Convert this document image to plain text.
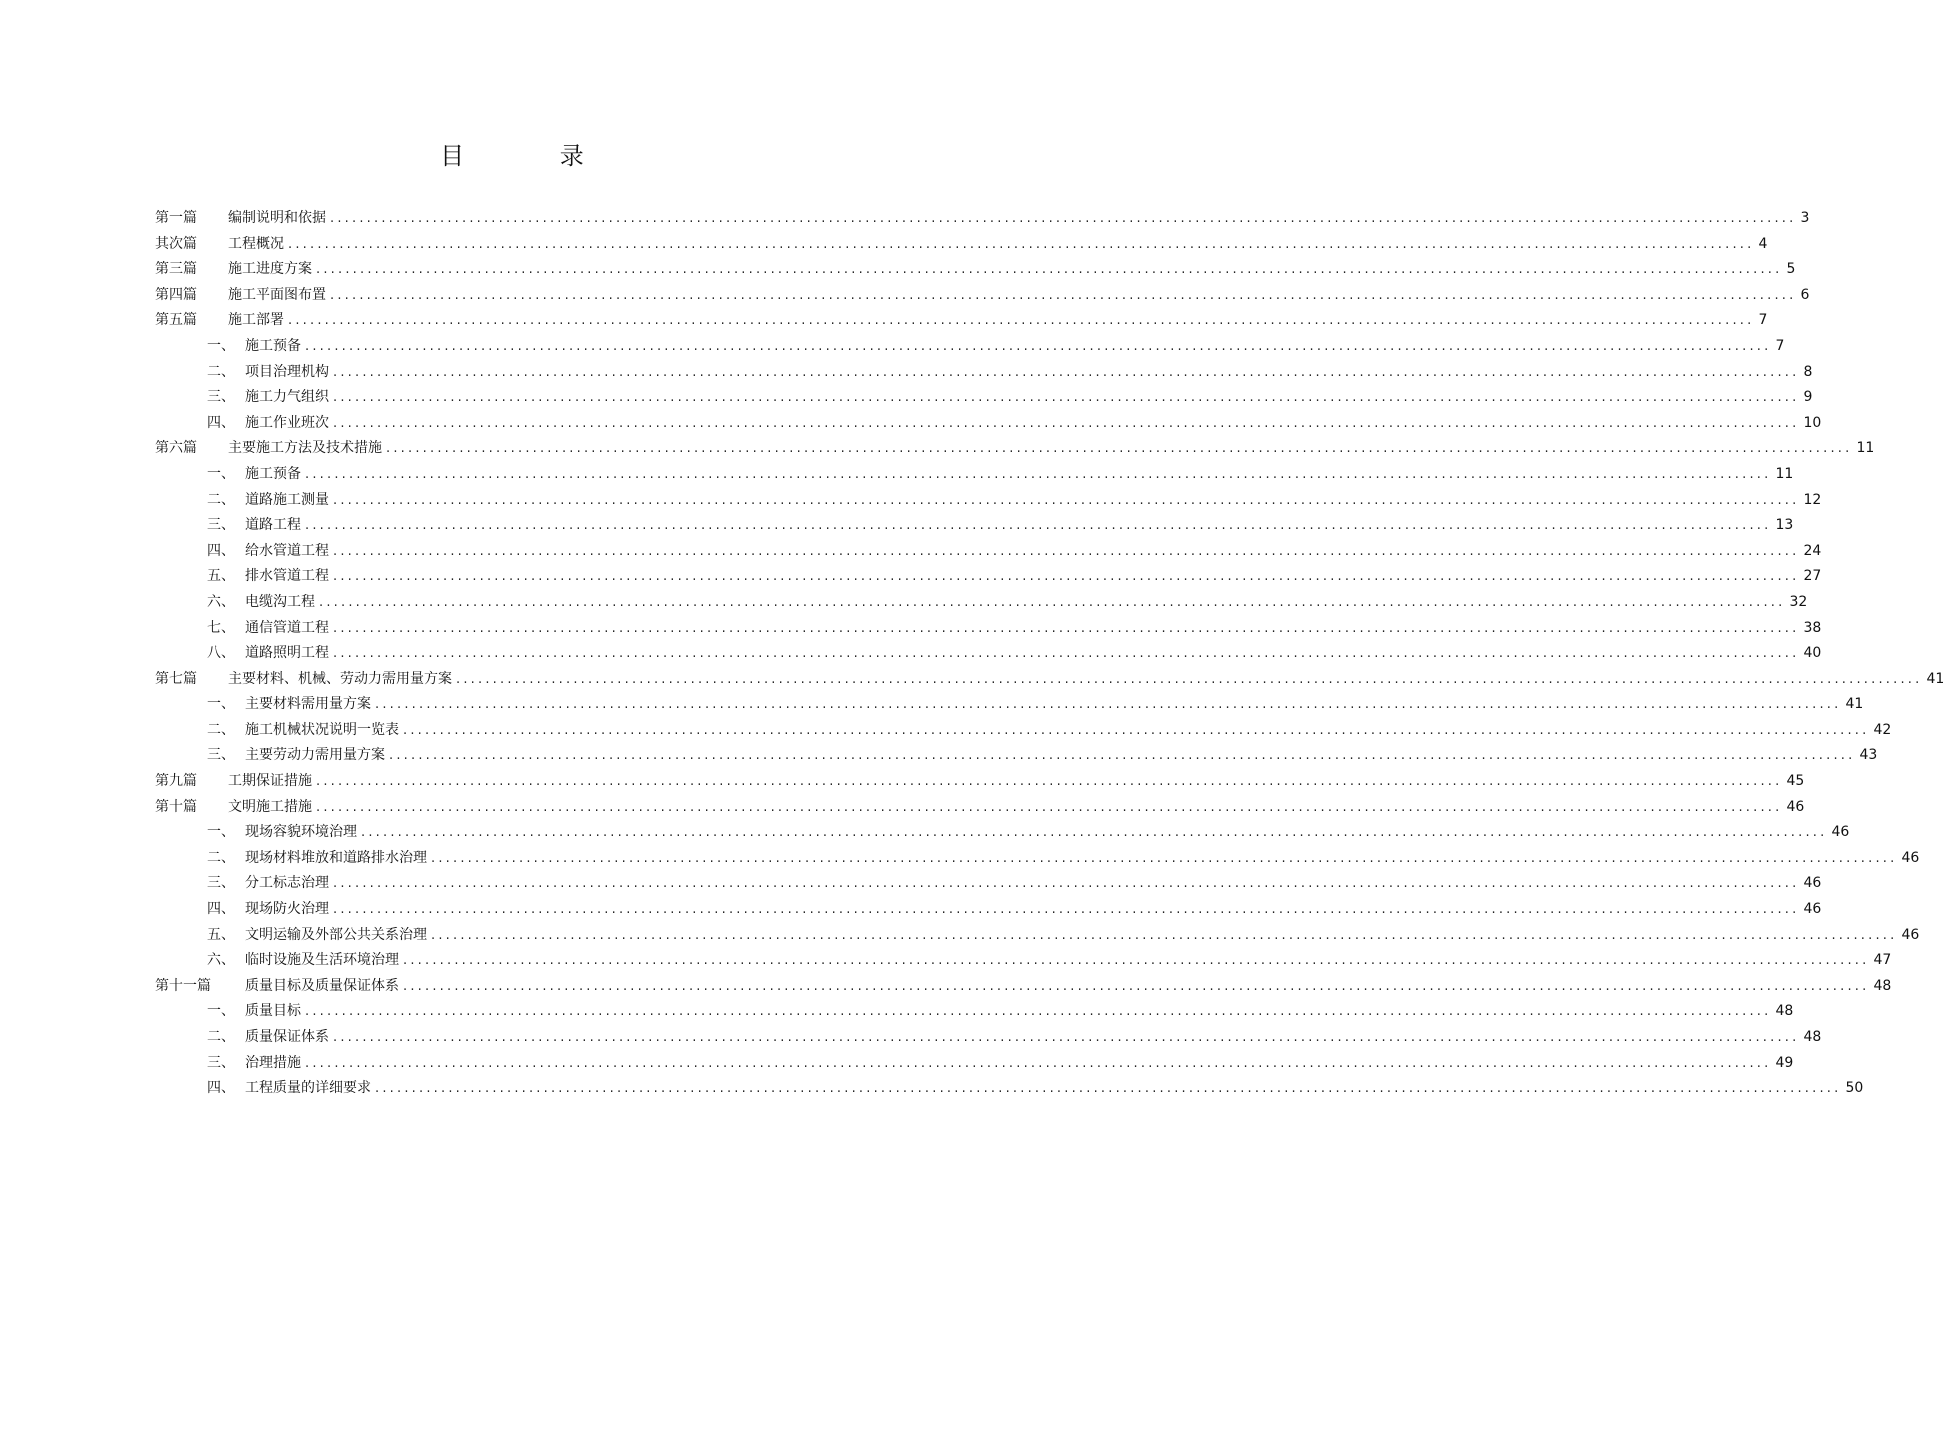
目 录
第一篇	编制说明和依据 ........................................................................................................................................................................................................ 3
其次篇	工程概况 ........................................................................................................................................................................................................ 4
第三篇	施工进度方案 ........................................................................................................................................................................................................ 5
第四篇	施工平面图布置 ........................................................................................................................................................................................................ 6
第五篇	施工部署 ........................................................................................................................................................................................................ 7
一、 施工预备 ........................................................................................................................................................................................................ 7
二、 项目治理机构 ........................................................................................................................................................................................................ 8
三、 施工力气组织 ........................................................................................................................................................................................................ 9
四、 施工作业班次 ........................................................................................................................................................................................................ 10
第六篇	主要施工方法及技术措施 ........................................................................................................................................................................................................ 11
一、 施工预备 ........................................................................................................................................................................................................ 11
二、 道路施工测量 ........................................................................................................................................................................................................ 12
三、 道路工程 ........................................................................................................................................................................................................ 13
四、 给水管道工程 ........................................................................................................................................................................................................ 24
五、 排水管道工程 ........................................................................................................................................................................................................ 27
六、 电缆沟工程 ........................................................................................................................................................................................................ 32
七、 通信管道工程 ........................................................................................................................................................................................................ 38
八、 道路照明工程 ........................................................................................................................................................................................................ 40
第七篇	主要材料、机械、劳动力需用量方案 ........................................................................................................................................................................................................ 41
一、 主要材料需用量方案 ........................................................................................................................................................................................................ 41
二、 施工机械状况说明一览表 ........................................................................................................................................................................................................ 42
三、 主要劳动力需用量方案 ........................................................................................................................................................................................................ 43
第九篇	工期保证措施 ........................................................................................................................................................................................................ 45
第十篇	文明施工措施 ........................................................................................................................................................................................................ 46
一、 现场容貌环境治理 ........................................................................................................................................................................................................ 46
二、 现场材料堆放和道路排水治理 ........................................................................................................................................................................................................ 46
三、 分工标志治理 ........................................................................................................................................................................................................ 46
四、 现场防火治理 ........................................................................................................................................................................................................ 46
五、 文明运输及外部公共关系治理 ........................................................................................................................................................................................................ 46
六、 临时设施及生活环境治理 ........................................................................................................................................................................................................ 47
第十一篇	质量目标及质量保证体系 ........................................................................................................................................................................................................ 48
一、 质量目标 ........................................................................................................................................................................................................ 48
二、 质量保证体系 ........................................................................................................................................................................................................ 48
三、 治理措施 ........................................................................................................................................................................................................ 49
四、 工程质量的详细要求 ........................................................................................................................................................................................................ 50
